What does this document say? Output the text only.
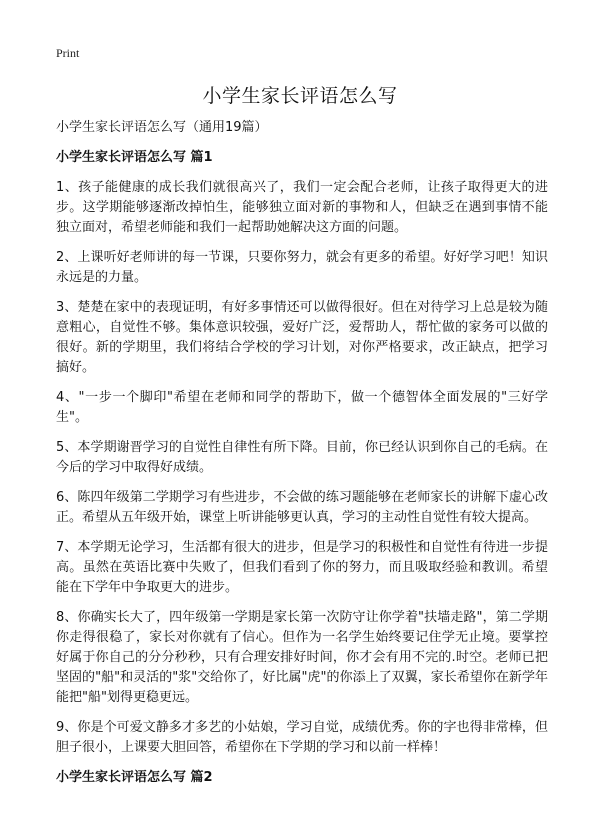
Print
小学生家长评语怎么写

小学生家长评语怎么写（通用19篇）

小学生家长评语怎么写 篇1

1、孩子能健康的成长我们就很高兴了，我们一定会配合老师，让孩子取得更大的进步。这学期能够逐渐改掉怕生，能够独立面对新的事物和人，但缺乏在遇到事情不能独立面对，希望老师能和我们一起帮助她解决这方面的问题。

2、上课听好老师讲的每一节课，只要你努力，就会有更多的希望。好好学习吧！知识永远是的力量。

3、楚楚在家中的表现证明，有好多事情还可以做得很好。但在对待学习上总是较为随意粗心，自觉性不够。集体意识较强，爱好广泛，爱帮助人，帮忙做的家务可以做的很好。新的学期里，我们将结合学校的学习计划，对你严格要求，改正缺点，把学习搞好。

4、"一步一个脚印"希望在老师和同学的帮助下，做一个德智体全面发展的"三好学生"。

5、本学期谢晋学习的自觉性自律性有所下降。目前，你已经认识到你自己的毛病。在今后的学习中取得好成绩。

6、陈四年级第二学期学习有些进步，不会做的练习题能够在老师家长的讲解下虚心改正。希望从五年级开始，课堂上听讲能够更认真，学习的主动性自觉性有较大提高。

7、本学期无论学习，生活都有很大的进步，但是学习的积极性和自觉性有待进一步提高。虽然在英语比赛中失败了，但我们看到了你的努力，而且吸取经验和教训。希望能在下学年中争取更大的进步。

8、你确实长大了，四年级第一学期是家长第一次防守让你学着"扶墙走路"，第二学期你走得很稳了，家长对你就有了信心。但作为一名学生始终要记住学无止境。要掌控好属于你自己的分分秒秒，只有合理安排好时间，你才会有用不完的.时空。老师已把坚固的"船"和灵活的"浆"交给你了，好比属"虎"的你添上了双翼，家长希望你在新学年能把"船"划得更稳更远。

9、你是个可爱文静多才多艺的小姑娘，学习自觉，成绩优秀。你的字也得非常棒，但胆子很小，上课要大胆回答，希望你在下学期的学习和以前一样棒！

小学生家长评语怎么写 篇2
